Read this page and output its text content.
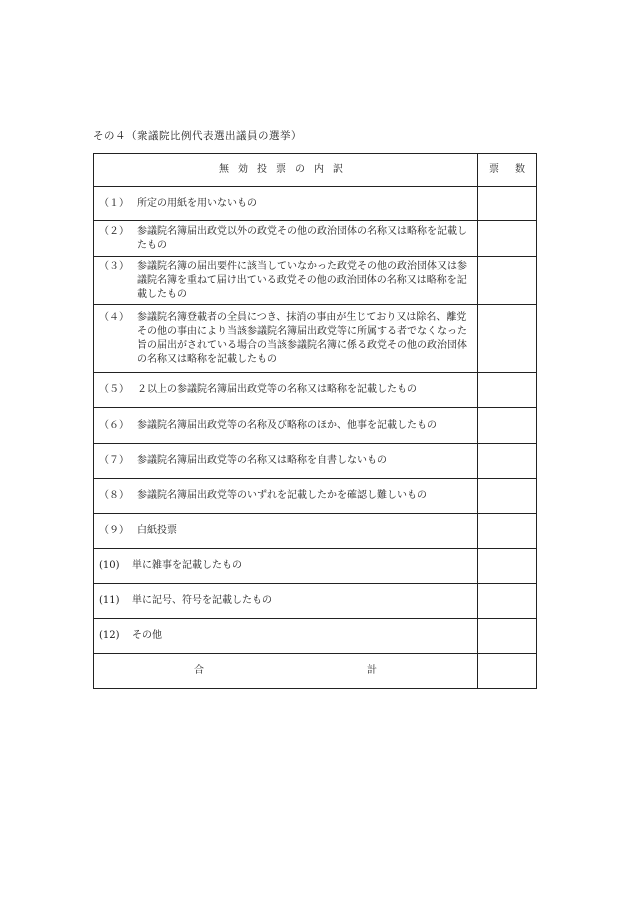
その４（衆議院比例代表選出議員の選挙）
無効投票の内訳	票 数

（１） 所定の用紙を用いないもの	

（２） 参議院名簿届出政党以外の政党その他の政治団体の名称又は略称を記載したもの	

（３） 参議院名簿の届出要件に該当していなかった政党その他の政治団体又は参議院名簿を重ねて届け出ている政党その他の政治団体の名称又は略称を記載したもの	

（４） 参議院名簿登載者の全員につき、抹消の事由が生じており又は除名、離党その他の事由により当該参議院名簿届出政党等に所属する者でなくなった旨の届出がされている場合の当該参議院名簿に係る政党その他の政治団体の名称又は略称を記載したもの	

（５） ２以上の参議院名簿届出政党等の名称又は略称を記載したもの	

（６） 参議院名簿届出政党等の名称及び略称のほか、他事を記載したもの	

（７） 参議院名簿届出政党等の名称又は略称を自書しないもの	

（８） 参議院名簿届出政党等のいずれを記載したかを確認し難しいもの	

（９） 白紙投票	

(10) 単に雑事を記載したもの	

(11) 単に記号、符号を記載したもの	

(12) その他	

合 計	
